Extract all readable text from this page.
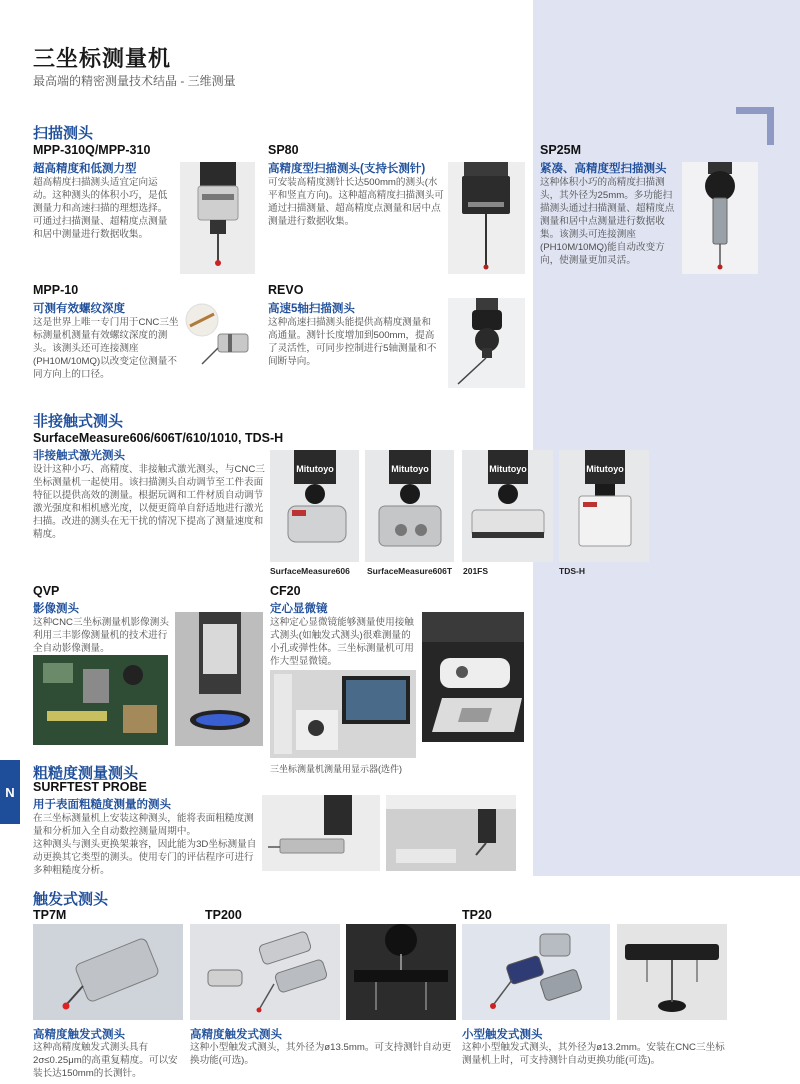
N
三坐标测量机
最高端的精密测量技术结晶 - 三维测量
扫描测头
MPP-310Q/MPP-310
超高精度和低测力型
超高精度扫描测头适宜定向运动。这种测头的体积小巧，是低测量力和高速扫描的理想选择。可通过扫描测量、超精度点测量和居中测量进行数据收集。
SP80
高精度型扫描测头(支持长测针)
可安装高精度测针长达500mm的测头(水平和竖直方向)。这种超高精度扫描测头可通过扫描测量、超高精度点测量和居中点测量进行数据收集。
SP25M
紧凑、高精度型扫描测头
这种体积小巧的高精度扫描测头，其外径为25mm。多功能扫描测头通过扫描测量、超精度点测量和居中点测量进行数据收集。该测头可连接测座(PH10M/10MQ)能自动改变方向，使测量更加灵活。
MPP-10
可测有效螺纹深度
这是世界上唯一专门用于CNC三坐标测量机测量有效螺纹深度的测头。该测头还可连接测座(PH10M/10MQ)以改变定位测量不同方向上的口径。
REVO
高速5轴扫描测头
这种高速扫描测头能提供高精度测量和高通量。测针长度增加到500mm，提高了灵活性，可同步控制进行5轴测量和不间断导向。
非接触式测头
SurfaceMeasure606/606T/610/1010, TDS-H
非接触式激光测头
设计这种小巧、高精度、非接触式激光测头，与CNC三坐标测量机一起使用。该扫描测头自动调节至工件表面特征以提供高效的测量。根据玩调和工件材质自动调节激光强度和相机感光度，以便更简单自舒适地进行激光扫描。改进的测头在无干扰的情况下提高了测量速度和精度。
Mitutoyo	Mitutoyo	Mitutoyo	Mitutoyo
SurfaceMeasure606 SurfaceMeasure606T 201FS	TDS-H
QVP
影像测头
这种CNC三坐标测量机影像测头利用三丰影像测量机的技术进行全自动影像测量。
CF20
定心显微镜
这种定心显微镜能够测量使用接触式测头(如触发式测头)很难测量的小孔或弹性体。三坐标测量机可用作大型显微镜。
三坐标测量机测量用显示器(选件)
粗糙度测量测头
SURFTEST PROBE
用于表面粗糙度测量的测头
在三坐标测量机上安装这种测头，能将表面粗糙度测量和分析加入全自动数控测量周期中。
这种测头与测头更换架兼容，因此能为3D坐标测量自动更换其它类型的测头。使用专门的评估程序可进行多种粗糙度分析。
触发式测头
TP7M	TP200	TP20
高精度触发式测头
这种高精度触发式测头具有2σ≤0.25μm的高重复精度。可以安装长达150mm的长测针。
高精度触发式测头
这种小型触发式测头，其外径为ø13.5mm。可支持测针自动更换功能(可选)。
小型触发式测头
这种小型触发式测头，其外径为ø13.2mm。安装在CNC三坐标测量机上时，可支持测针自动更换功能(可选)。
